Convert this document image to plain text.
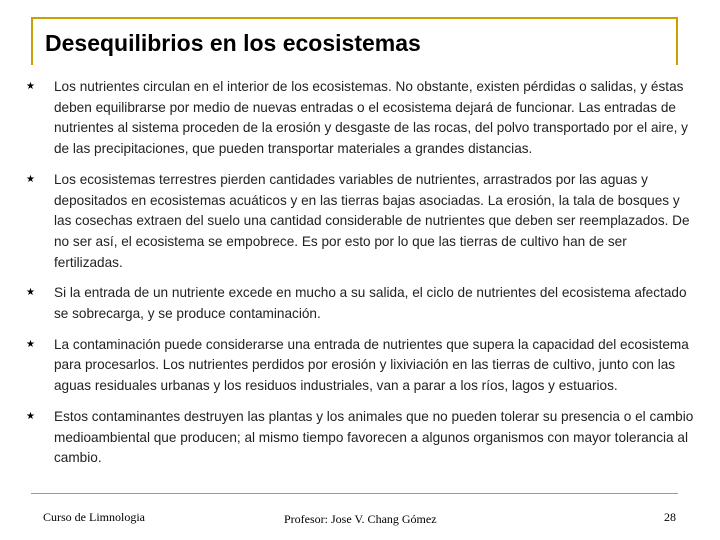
Desequilibrios en los ecosistemas
★ Los nutrientes circulan en el interior de los ecosistemas. No obstante, existen pérdidas o salidas, y éstas deben equilibrarse por medio de nuevas entradas o el ecosistema dejará de funcionar. Las entradas de nutrientes al sistema proceden de la erosión y desgaste de las rocas, del polvo transportado por el aire, y de las precipitaciones, que pueden transportar materiales a grandes distancias.
★ Los ecosistemas terrestres pierden cantidades variables de nutrientes, arrastrados por las aguas y depositados en ecosistemas acuáticos y en las tierras bajas asociadas. La erosión, la tala de bosques y las cosechas extraen del suelo una cantidad considerable de nutrientes que deben ser reemplazados. De no ser así, el ecosistema se empobrece. Es por esto por lo que las tierras de cultivo han de ser fertilizadas.
★ Si la entrada de un nutriente excede en mucho a su salida, el ciclo de nutrientes del ecosistema afectado se sobrecarga, y se produce contaminación.
★ La contaminación puede considerarse una entrada de nutrientes que supera la capacidad del ecosistema para procesarlos. Los nutrientes perdidos por erosión y lixiviación en las tierras de cultivo, junto con las aguas residuales urbanas y los residuos industriales, van a parar a los ríos, lagos y estuarios.
★ Estos contaminantes destruyen las plantas y los animales que no pueden tolerar su presencia o el cambio medioambiental que producen; al mismo tiempo favorecen a algunos organismos con mayor tolerancia al cambio.
Curso de Limnologia	Profesor: Jose V. Chang Gómez	28
